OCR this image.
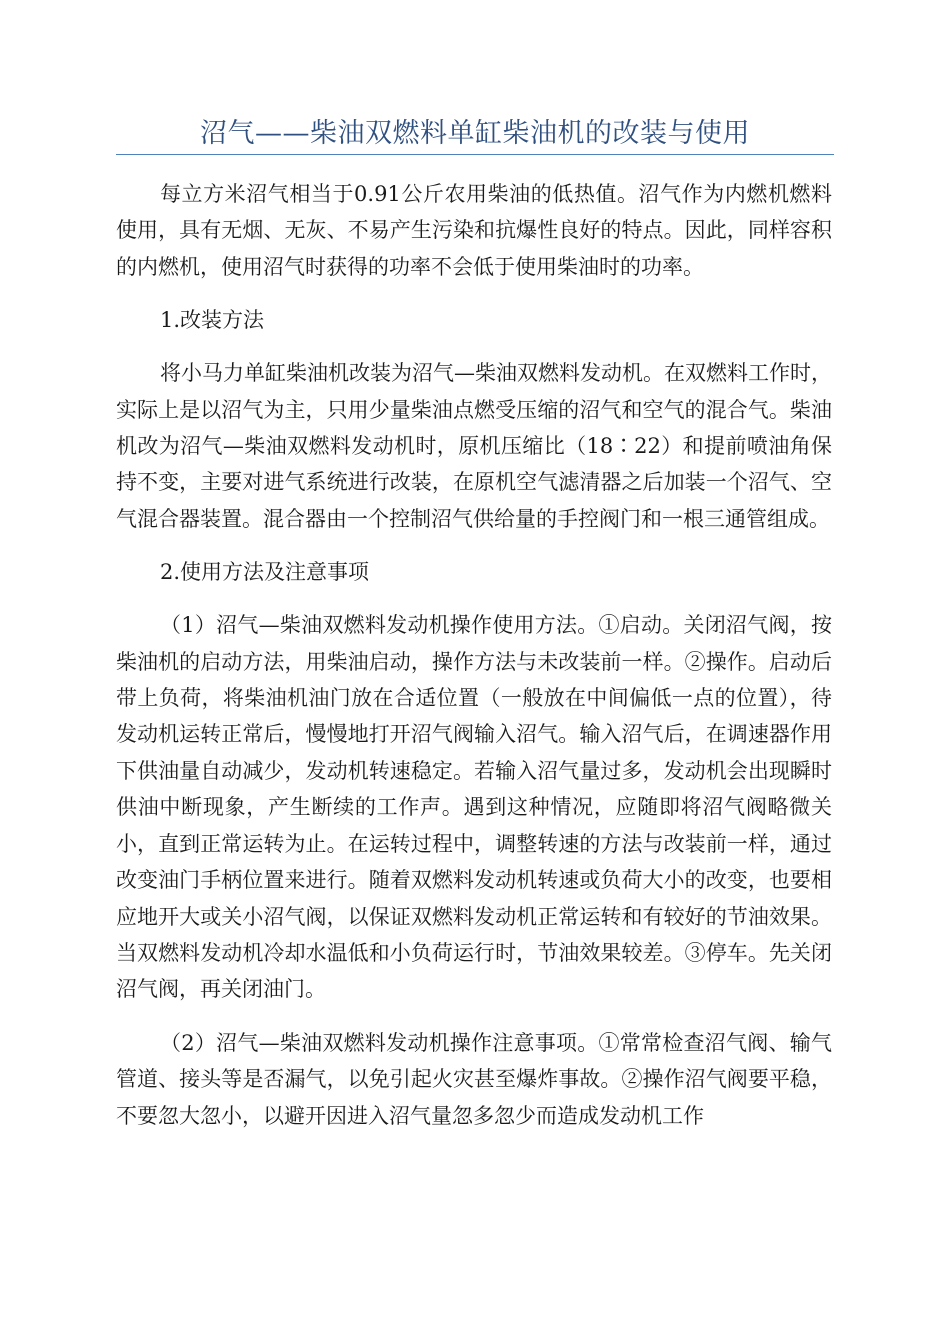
沼气——柴油双燃料单缸柴油机的改装与使用

每立方米沼气相当于0.91公斤农用柴油的低热值。沼气作为内燃机燃料使用，具有无烟、无灰、不易产生污染和抗爆性良好的特点。因此，同样容积的内燃机，使用沼气时获得的功率不会低于使用柴油时的功率。

1.改装方法

将小马力单缸柴油机改装为沼气—柴油双燃料发动机。在双燃料工作时，实际上是以沼气为主，只用少量柴油点燃受压缩的沼气和空气的混合气。柴油机改为沼气—柴油双燃料发动机时，原机压缩比（18∶22）和提前喷油角保持不变，主要对进气系统进行改装，在原机空气滤清器之后加装一个沼气、空气混合器装置。混合器由一个控制沼气供给量的手控阀门和一根三通管组成。

2.使用方法及注意事项

（1）沼气—柴油双燃料发动机操作使用方法。①启动。关闭沼气阀，按柴油机的启动方法，用柴油启动，操作方法与未改装前一样。②操作。启动后带上负荷，将柴油机油门放在合适位置（一般放在中间偏低一点的位置），待发动机运转正常后，慢慢地打开沼气阀输入沼气。输入沼气后，在调速器作用下供油量自动减少，发动机转速稳定。若输入沼气量过多，发动机会出现瞬时供油中断现象，产生断续的工作声。遇到这种情况，应随即将沼气阀略微关小，直到正常运转为止。在运转过程中，调整转速的方法与改装前一样，通过改变油门手柄位置来进行。随着双燃料发动机转速或负荷大小的改变，也要相应地开大或关小沼气阀，以保证双燃料发动机正常运转和有较好的节油效果。当双燃料发动机冷却水温低和小负荷运行时，节油效果较差。③停车。先关闭沼气阀，再关闭油门。

（2）沼气—柴油双燃料发动机操作注意事项。①常常检查沼气阀、输气管道、接头等是否漏气，以免引起火灾甚至爆炸事故。②操作沼气阀要平稳，不要忽大忽小，以避开因进入沼气量忽多忽少而造成发动机工作
